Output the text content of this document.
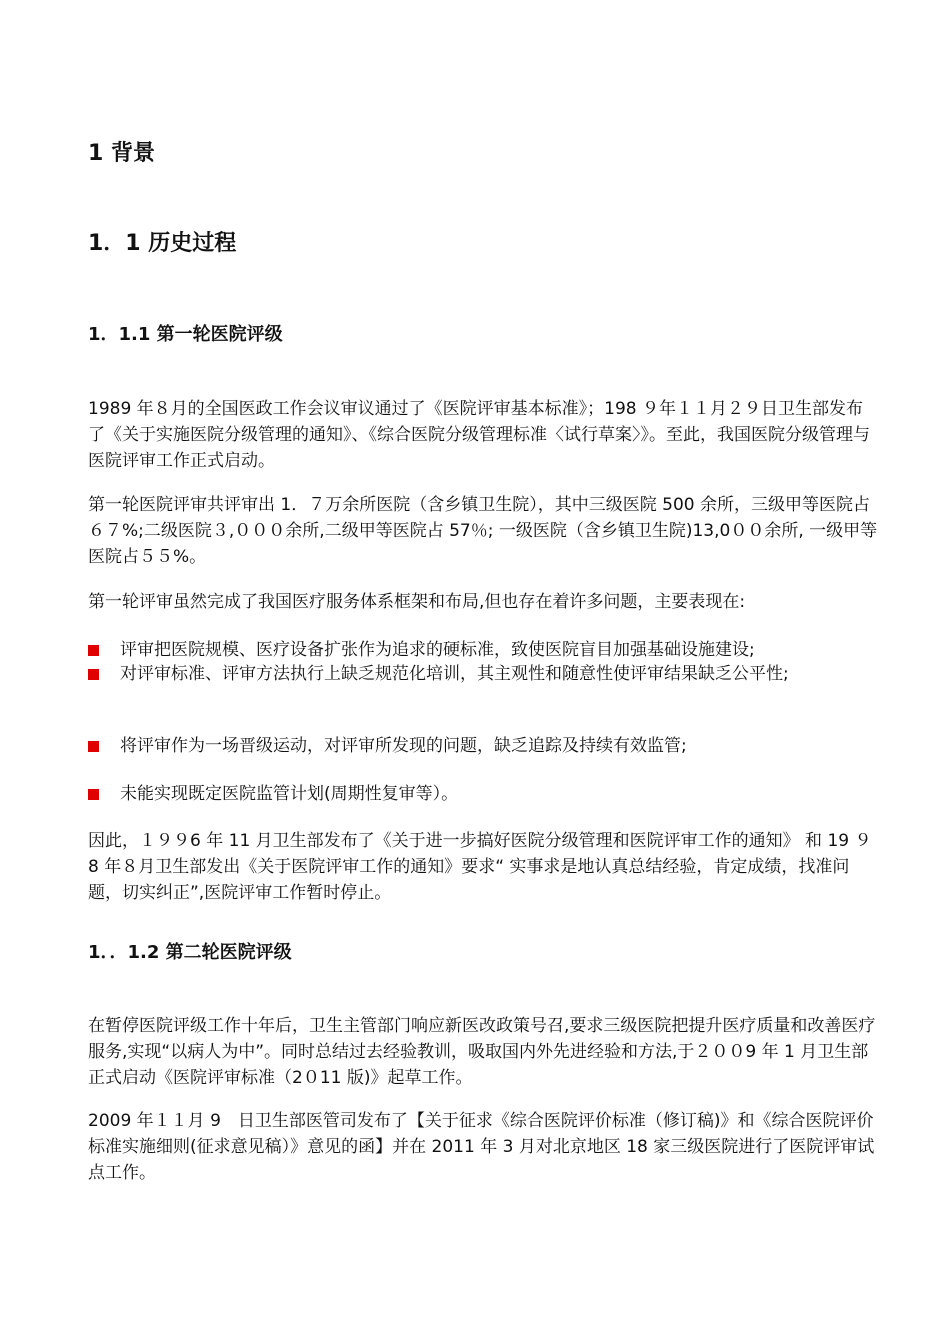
1 背景
1．1 历史过程
1．1.1 第一轮医院评级

1989 年８月的全国医政工作会议审议通过了《医院评审基本标准》；198 ９年１１月２９日卫生部发布了《关于实施医院分级管理的通知》、《综合医院分级管理标准〈试行草案〉》。至此，我国医院分级管理与医院评审工作正式启动。

第一轮医院评审共评审出 1．７万余所医院（含乡镇卫生院），其中三级医院 500 余所，三级甲等医院占６７%;二级医院３,０００余所,二级甲等医院占 57％; 一级医院（含乡镇卫生院)13,0００余所, 一级甲等医院占５５%。

第一轮评审虽然完成了我国医疗服务体系框架和布局,但也存在着许多问题，主要表现在:

评审把医院规模、医疗设备扩张作为追求的硬标准，致使医院盲目加强基础设施建设;
对评审标准、评审方法执行上缺乏规范化培训，其主观性和随意性使评审结果缺乏公平性;
将评审作为一场晋级运动，对评审所发现的问题，缺乏追踪及持续有效监管;
未能实现既定医院监管计划(周期性复审等）。

因此，１９９6 年 11 月卫生部发布了《关于进一步搞好医院分级管理和医院评审工作的通知》 和 19 ９8 年８月卫生部发出《关于医院评审工作的通知》要求“ 实事求是地认真总结经验，肯定成绩，找准问题，切实纠正”,医院评审工作暂时停止。

1．．1.2 第二轮医院评级

在暂停医院评级工作十年后，卫生主管部门响应新医改政策号召,要求三级医院把提升医疗质量和改善医疗服务,实现“以病人为中”。同时总结过去经验教训，吸取国内外先进经验和方法,于２００9 年 1 月卫生部正式启动《医院评审标准（2０11 版)》起草工作。

2009 年１１月 9　日卫生部医管司发布了【关于征求《综合医院评价标准（修订稿)》和《综合医院评价标准实施细则(征求意见稿）》意见的函】并在 2011 年 3 月对北京地区 18 家三级医院进行了医院评审试点工作。
